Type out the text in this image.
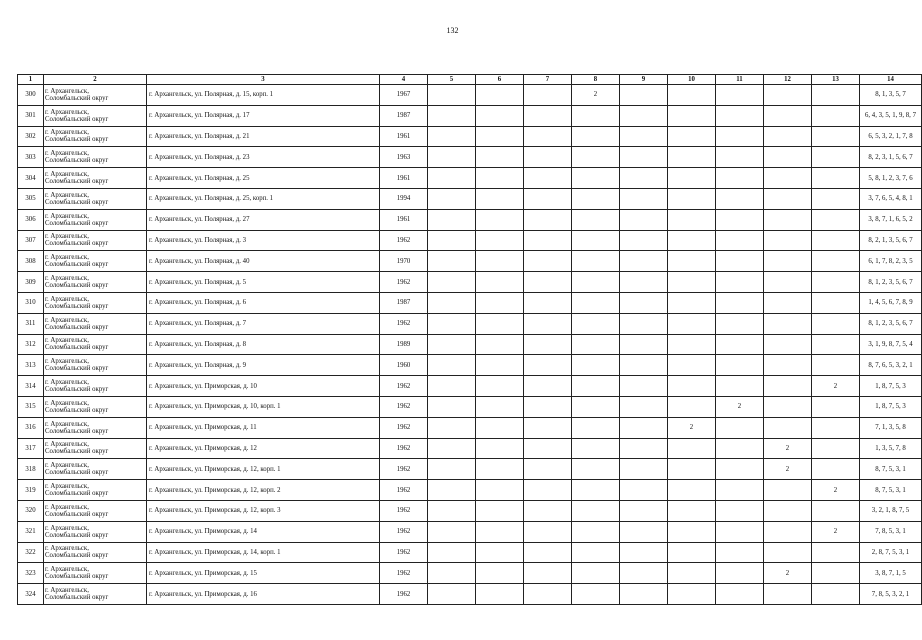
132
1	2	3	4	5	6	7	8	9	10	11	12	13	14
300	г. Архангельск,
Соломбальский округ	г. Архангельск, ул. Полярная, д. 15, корп. 1	1967				2						8, 1, 3, 5, 7
301	г. Архангельск,
Соломбальский округ	г. Архангельск, ул. Полярная, д. 17	1987										6, 4, 3, 5, 1, 9, 8, 7
302	г. Архангельск,
Соломбальский округ	г. Архангельск, ул. Полярная, д. 21	1961										6, 5, 3, 2, 1, 7, 8
303	г. Архангельск,
Соломбальский округ	г. Архангельск, ул. Полярная, д. 23	1963										8, 2, 3, 1, 5, 6, 7
304	г. Архангельск,
Соломбальский округ	г. Архангельск, ул. Полярная, д. 25	1961										5, 8, 1, 2, 3, 7, 6
305	г. Архангельск,
Соломбальский округ	г. Архангельск, ул. Полярная, д. 25, корп. 1	1994										3, 7, 6, 5, 4, 8, 1
306	г. Архангельск,
Соломбальский округ	г. Архангельск, ул. Полярная, д. 27	1961										3, 8, 7, 1, 6, 5, 2
307	г. Архангельск,
Соломбальский округ	г. Архангельск, ул. Полярная, д. 3	1962										8, 2, 1, 3, 5, 6, 7
308	г. Архангельск,
Соломбальский округ	г. Архангельск, ул. Полярная, д. 40	1970										6, 1, 7, 8, 2, 3, 5
309	г. Архангельск,
Соломбальский округ	г. Архангельск, ул. Полярная, д. 5	1962										8, 1, 2, 3, 5, 6, 7
310	г. Архангельск,
Соломбальский округ	г. Архангельск, ул. Полярная, д. 6	1987										1, 4, 5, 6, 7, 8, 9
311	г. Архангельск,
Соломбальский округ	г. Архангельск, ул. Полярная, д. 7	1962										8, 1, 2, 3, 5, 6, 7
312	г. Архангельск,
Соломбальский округ	г. Архангельск, ул. Полярная, д. 8	1989										3, 1, 9, 8, 7, 5, 4
313	г. Архангельск,
Соломбальский округ	г. Архангельск, ул. Полярная, д. 9	1960										8, 7, 6, 5, 3, 2, 1
314	г. Архангельск,
Соломбальский округ	г. Архангельск, ул. Приморская, д. 10	1962									2	1, 8, 7, 5, 3
315	г. Архангельск,
Соломбальский округ	г. Архангельск, ул. Приморская, д. 10, корп. 1	1962							2			1, 8, 7, 5, 3
316	г. Архангельск,
Соломбальский округ	г. Архангельск, ул. Приморская, д. 11	1962						2				7, 1, 3, 5, 8
317	г. Архангельск,
Соломбальский округ	г. Архангельск, ул. Приморская, д. 12	1962								2		1, 3, 5, 7, 8
318	г. Архангельск,
Соломбальский округ	г. Архангельск, ул. Приморская, д. 12, корп. 1	1962								2		8, 7, 5, 3, 1
319	г. Архангельск,
Соломбальский округ	г. Архангельск, ул. Приморская, д. 12, корп. 2	1962									2	8, 7, 5, 3, 1
320	г. Архангельск,
Соломбальский округ	г. Архангельск, ул. Приморская, д. 12, корп. 3	1962										3, 2, 1, 8, 7, 5
321	г. Архангельск,
Соломбальский округ	г. Архангельск, ул. Приморская, д. 14	1962									2	7, 8, 5, 3, 1
322	г. Архангельск,
Соломбальский округ	г. Архангельск, ул. Приморская, д. 14, корп. 1	1962										2, 8, 7, 5, 3, 1
323	г. Архангельск,
Соломбальский округ	г. Архангельск, ул. Приморская, д. 15	1962								2		3, 8, 7, 1, 5
324	г. Архангельск,
Соломбальский округ	г. Архангельск, ул. Приморская, д. 16	1962										7, 8, 5, 3, 2, 1
